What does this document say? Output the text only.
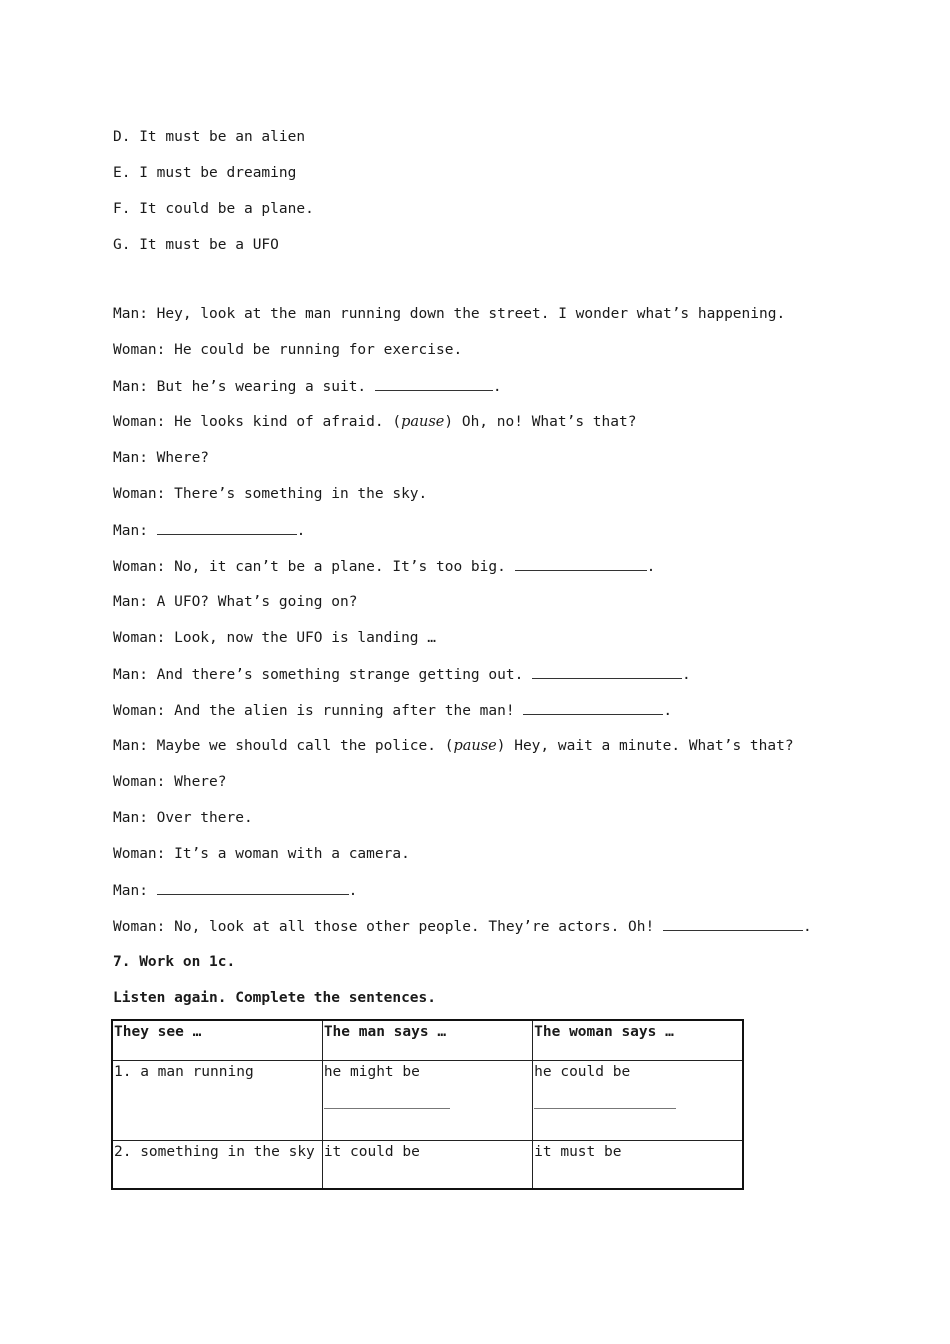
D. It must be an alien
E. I must be dreaming
F. It could be a plane.
G. It must be a UFO
Man: Hey, look at the man running down the street. I wonder what’s happening.
Woman: He could be running for exercise.
Man: But he’s wearing a suit.	.
Woman: He looks kind of afraid. (pause) Oh, no! What’s that?
Man: Where?
Woman: There’s something in the sky.
Man:	.
Woman: No, it can’t be a plane. It’s too big.	.
Man: A UFO? What’s going on?
Woman: Look, now the UFO is landing …
Man: And there’s something strange getting out.	.
Woman: And the alien is running after the man!	.
Man: Maybe we should call the police. (pause) Hey, wait a minute. What’s that?
Woman: Where?
Man: Over there.
Woman: It’s a woman with a camera.
Man:	.
Woman: No, look at all those other people. They’re actors. Oh!	.
7. Work on 1c.
Listen again. Complete the sentences.
They see …	The man says …	The woman says …
1. a man running	he might be	he could be

2. something in the sky	it could be	it must be
